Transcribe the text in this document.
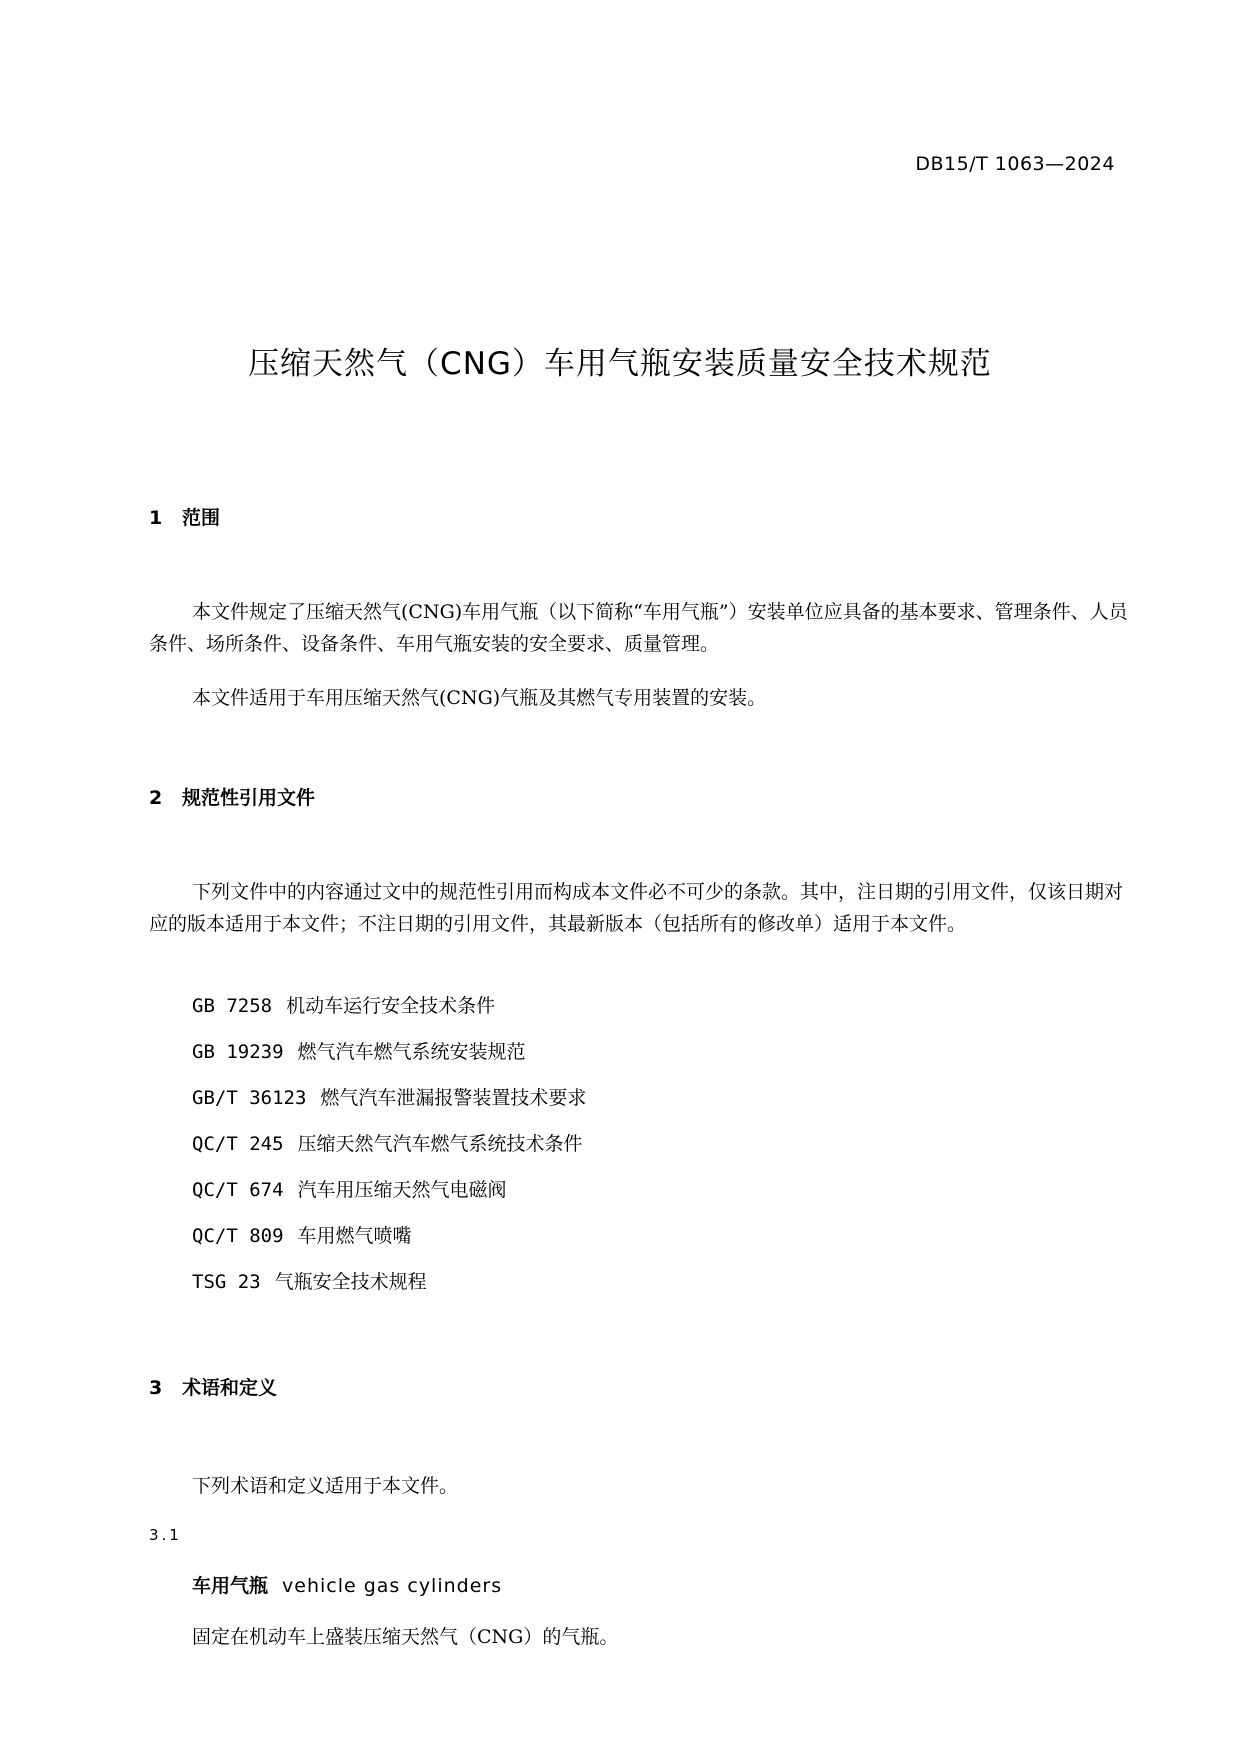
DB15/T 1063—2024
压缩天然气（CNG）车用气瓶安装质量安全技术规范
1 范围
本文件规定了压缩天然气(CNG)车用气瓶（以下简称“车用气瓶”）安装单位应具备的基本要求、管理条件、人员条件、场所条件、设备条件、车用气瓶安装的安全要求、质量管理。
本文件适用于车用压缩天然气(CNG)气瓶及其燃气专用装置的安装。
2 规范性引用文件
下列文件中的内容通过文中的规范性引用而构成本文件必不可少的条款。其中，注日期的引用文件，仅该日期对应的版本适用于本文件；不注日期的引用文件，其最新版本（包括所有的修改单）适用于本文件。
GB 7258 机动车运行安全技术条件
GB 19239 燃气汽车燃气系统安装规范
GB/T 36123 燃气汽车泄漏报警装置技术要求
QC/T 245 压缩天然气汽车燃气系统技术条件
QC/T 674 汽车用压缩天然气电磁阀
QC/T 809 车用燃气喷嘴
TSG 23 气瓶安全技术规程
3 术语和定义
下列术语和定义适用于本文件。
3.1
车用气瓶 vehicle gas cylinders
固定在机动车上盛装压缩天然气（CNG）的气瓶。
